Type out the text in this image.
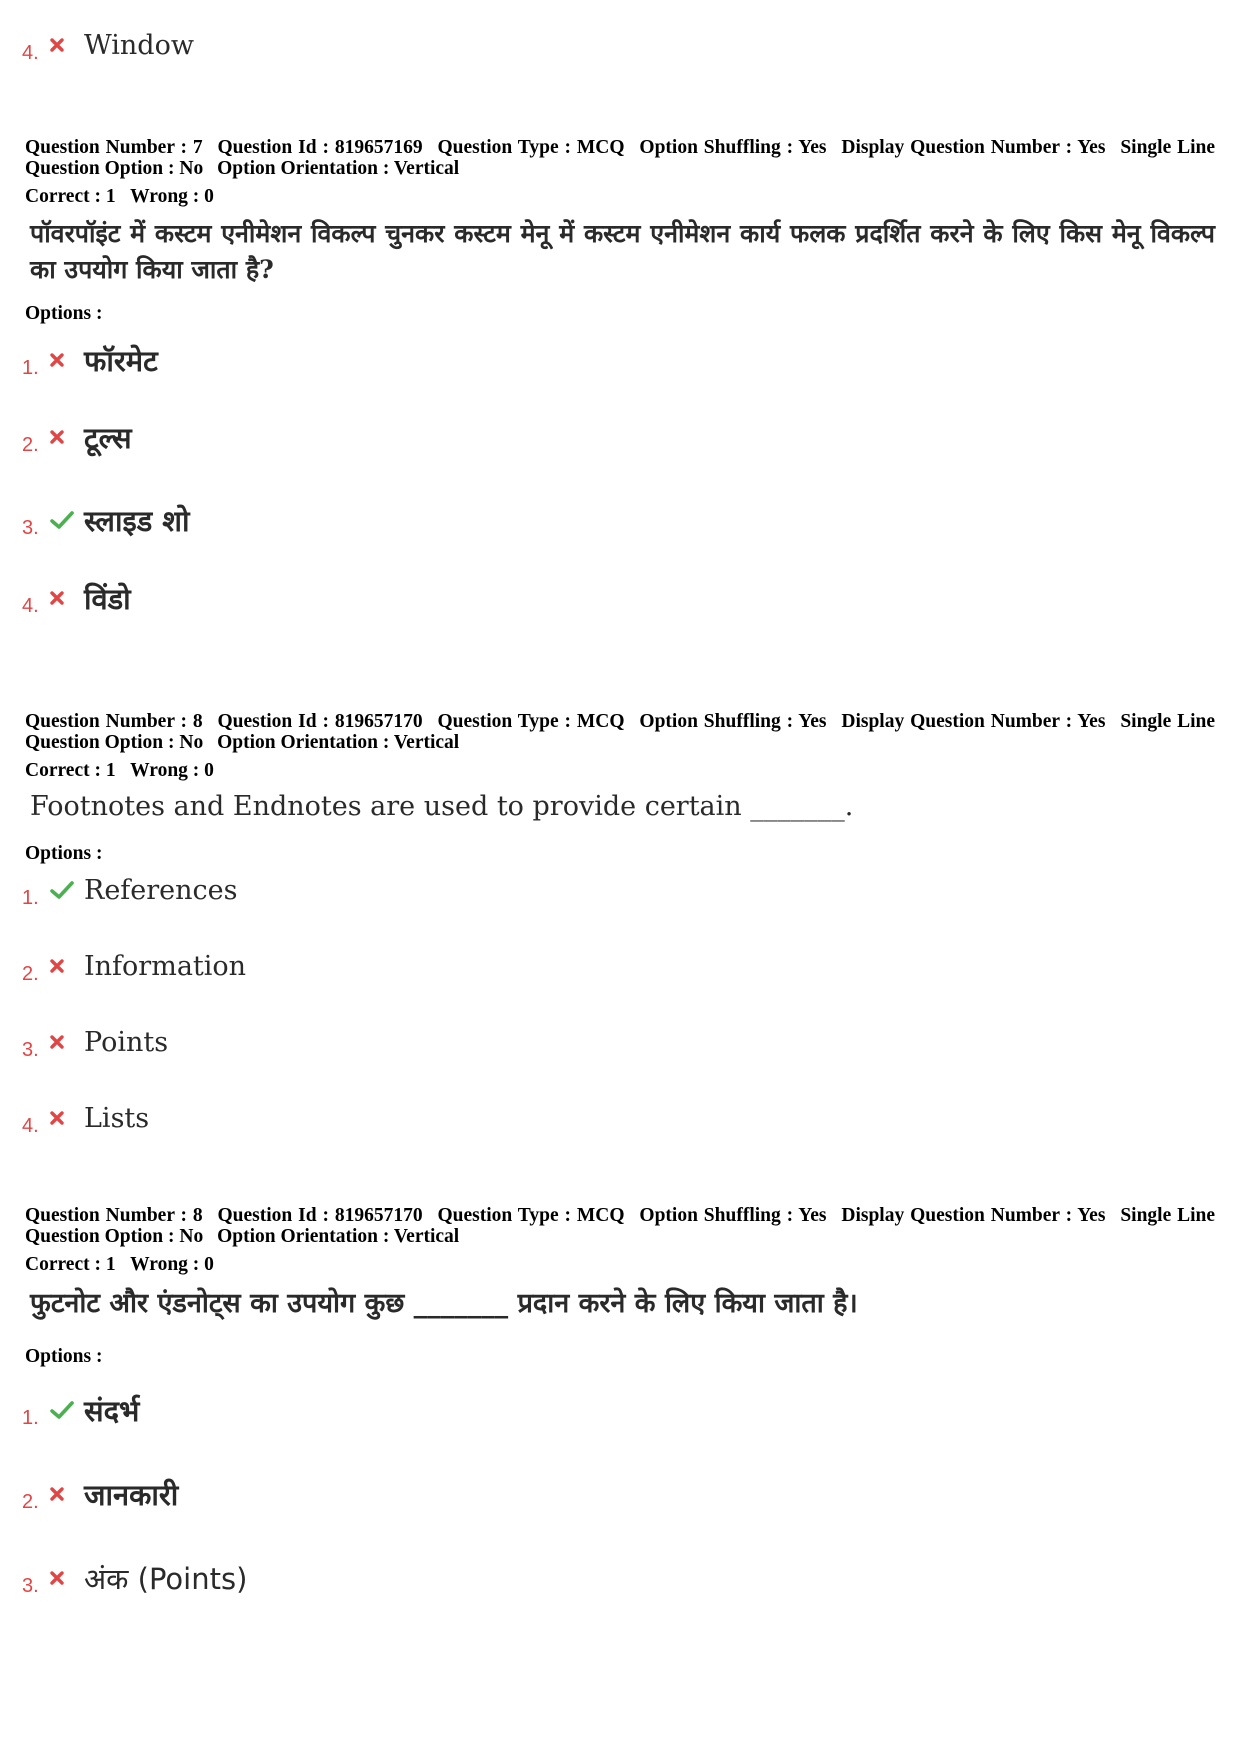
4.	Window
Question Number : 7 Question Id : 819657169 Question Type : MCQ Option Shuffling : Yes Display Question Number : Yes Single Line Question Option : No Option Orientation : Vertical
Correct : 1 Wrong : 0
पॉवरपॉइंट में कस्टम एनीमेशन विकल्प चुनकर कस्टम मेनू में कस्टम एनीमेशन कार्य फलक प्रदर्शित करने के लिए किस मेनू विकल्प का उपयोग किया जाता है?
Options :
1.	फॉरमेट
2.	टूल्स
3.	स्लाइड शो
4.	विंडो
Question Number : 8 Question Id : 819657170 Question Type : MCQ Option Shuffling : Yes Display Question Number : Yes Single Line Question Option : No Option Orientation : Vertical
Correct : 1 Wrong : 0
Footnotes and Endnotes are used to provide certain _______.
Options :
1.	References
2.	Information
3.	Points
4.	Lists
Question Number : 8 Question Id : 819657170 Question Type : MCQ Option Shuffling : Yes Display Question Number : Yes Single Line Question Option : No Option Orientation : Vertical
Correct : 1 Wrong : 0
फुटनोट और एंडनोट्स का उपयोग कुछ _______ प्रदान करने के लिए किया जाता है।
Options :
1.	संदर्भ
2.	जानकारी
3.	अंक (Points)
